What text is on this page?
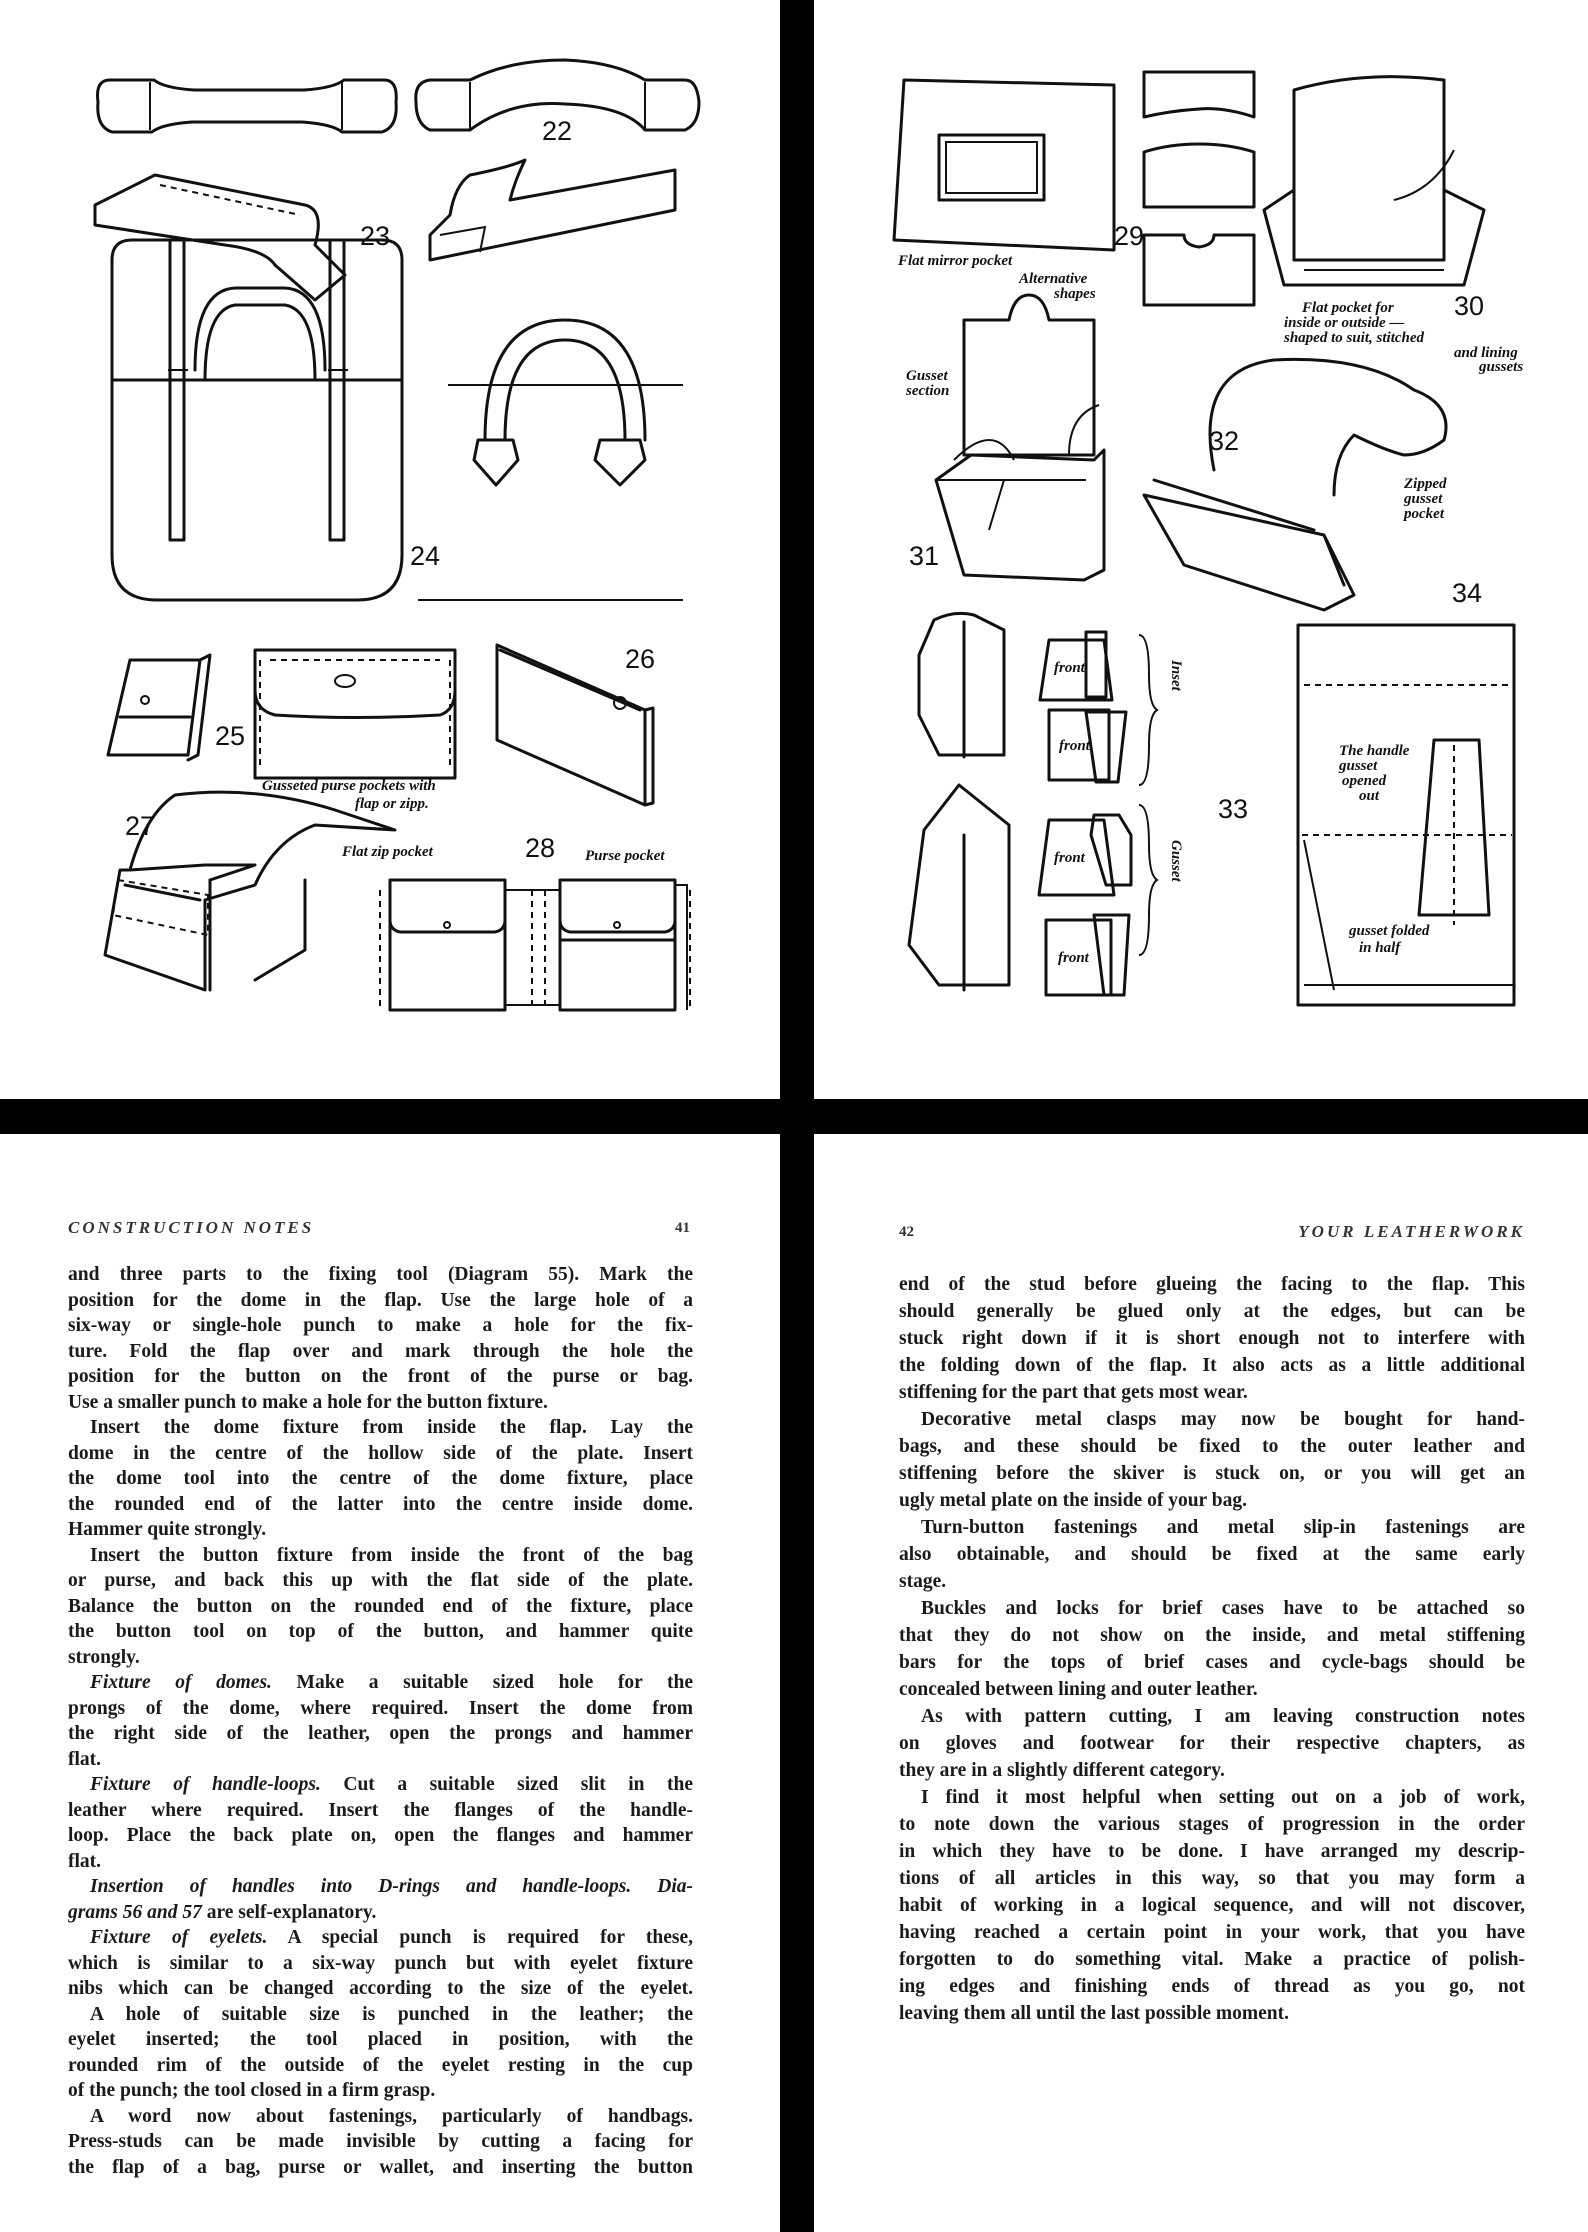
22
23
24
25
Gusseted purse pockets with
flap or zipp.
26
27
Flat zip pocket	28 Purse pocket
Flat mirror pocket
29
Alternative
shapes	30
Flat pocket for
inside or outside —
shaped to suit, stitched
and lining
gussets
31
Gusset
section
32
Zipped
gusset
pocket
front
front
front
front
Inset
Gusset
33
34
The handle
gusset
opened
out
gusset folded
in half
CONSTRUCTION NOTES	41
and three parts to the fixing tool (Diagram 55). Mark the
position for the dome in the flap. Use the large hole of a
six-way or single-hole punch to make a hole for the fix-
ture. Fold the flap over and mark through the hole the
position for the button on the front of the purse or bag.
Use a smaller punch to make a hole for the button fixture.
Insert the dome fixture from inside the flap. Lay the
dome in the centre of the hollow side of the plate. Insert
the dome tool into the centre of the dome fixture, place
the rounded end of the latter into the centre inside dome.
Hammer quite strongly.
Insert the button fixture from inside the front of the bag
or purse, and back this up with the flat side of the plate.
Balance the button on the rounded end of the fixture, place
the button tool on top of the button, and hammer quite
strongly.
Fixture of domes. Make a suitable sized hole for the
prongs of the dome, where required. Insert the dome from
the right side of the leather, open the prongs and hammer
flat.
Fixture of handle-loops. Cut a suitable sized slit in the
leather where required. Insert the flanges of the handle-
loop. Place the back plate on, open the flanges and hammer
flat.
Insertion of handles into D-rings and handle-loops. Dia-
grams 56 and 57 are self-explanatory.
Fixture of eyelets. A special punch is required for these,
which is similar to a six-way punch but with eyelet fixture
nibs which can be changed according to the size of the eyelet.
A hole of suitable size is punched in the leather; the
eyelet inserted; the tool placed in position, with the
rounded rim of the outside of the eyelet resting in the cup
of the punch; the tool closed in a firm grasp.
A word now about fastenings, particularly of handbags.
Press-studs can be made invisible by cutting a facing for
the flap of a bag, purse or wallet, and inserting the button
42	YOUR LEATHERWORK
end of the stud before glueing the facing to the flap. This
should generally be glued only at the edges, but can be
stuck right down if it is short enough not to interfere with
the folding down of the flap. It also acts as a little additional
stiffening for the part that gets most wear.
Decorative metal clasps may now be bought for hand-
bags, and these should be fixed to the outer leather and
stiffening before the skiver is stuck on, or you will get an
ugly metal plate on the inside of your bag.
Turn-button fastenings and metal slip-in fastenings are
also obtainable, and should be fixed at the same early
stage.
Buckles and locks for brief cases have to be attached so
that they do not show on the inside, and metal stiffening
bars for the tops of brief cases and cycle-bags should be
concealed between lining and outer leather.
As with pattern cutting, I am leaving construction notes
on gloves and footwear for their respective chapters, as
they are in a slightly different category.
I find it most helpful when setting out on a job of work,
to note down the various stages of progression in the order
in which they have to be done. I have arranged my descrip-
tions of all articles in this way, so that you may form a
habit of working in a logical sequence, and will not discover,
having reached a certain point in your work, that you have
forgotten to do something vital. Make a practice of polish-
ing edges and finishing ends of thread as you go, not
leaving them all until the last possible moment.
